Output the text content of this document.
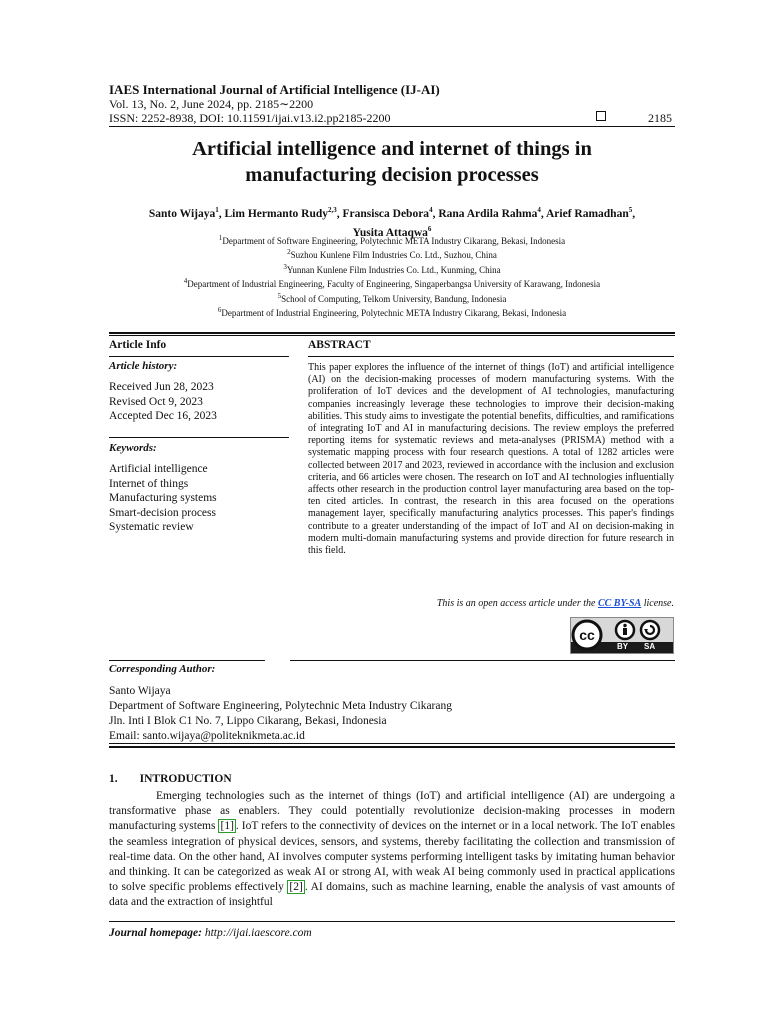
IAES International Journal of Artificial Intelligence (IJ-AI)
Vol. 13, No. 2, June 2024, pp. 2185∼2200
ISSN: 2252-8938, DOI: 10.11591/ijai.v13.i2.pp2185-2200	2185
Artificial intelligence and internet of things in
manufacturing decision processes
Santo Wijaya$^1$, Lim Hermanto Rudy$^{2,3}$, Fransisca Debora$^4$, Rana Ardila Rahma$^4$, Arief Ramadhan$^5$,
Yusita Attaqwa$^6$
$^1$Department of Software Engineering, Polytechnic META Industry Cikarang, Bekasi, Indonesia
$^2$Suzhou Kunlene Film Industries Co. Ltd., Suzhou, China
$^3$Yunnan Kunlene Film Industries Co. Ltd., Kunming, China
$^4$Department of Industrial Engineering, Faculty of Engineering, Singaperbangsa University of Karawang, Indonesia
$^5$School of Computing, Telkom University, Bandung, Indonesia
$^6$Department of Industrial Engineering, Polytechnic META Industry Cikarang, Bekasi, Indonesia
Article Info
Article history:
Received Jun 28, 2023
Revised Oct 9, 2023
Accepted Dec 16, 2023
Keywords:
Artificial intelligence
Internet of things
Manufacturing systems
Smart-decision process
Systematic review
ABSTRACT
This paper explores the influence of the internet of things (IoT) and artificial intelligence (AI) on the decision-making processes of modern manufacturing systems. With the proliferation of IoT devices and the development of AI technologies, manufacturing companies increasingly leverage these technologies to improve their decision-making abilities. This study aims to investigate the potential benefits, difficulties, and ramifications of integrating IoT and AI in manufacturing decisions. The review employs the preferred reporting items for systematic reviews and meta-analyses (PRISMA) method with a systematic mapping process with four research questions. A total of 1282 articles were collected between 2017 and 2023, reviewed in accordance with the inclusion and exclusion criteria, and 66 articles were chosen. The research on IoT and AI technologies influentially affects other research in the production control layer manufacturing area based on the top-ten cited articles. In contrast, the research in this area focused on the operations management layer, specifically manufacturing analytics processes. This paper's findings contribute to a greater understanding of the impact of IoT and AI on decision-making in modern multi-domain manufacturing systems and provide direction for future research in this field.
This is an open access article under the CC BY-SA license.
cc
BY SA
Corresponding Author:
Santo Wijaya
Department of Software Engineering, Polytechnic Meta Industry Cikarang
Jln. Inti I Blok C1 No. 7, Lippo Cikarang, Bekasi, Indonesia
Email: santo.wijaya@politeknikmeta.ac.id
1. INTRODUCTION
Emerging technologies such as the internet of things (IoT) and artificial intelligence (AI) are undergoing a transformative phase as enablers. They could potentially revolutionize decision-making processes in modern manufacturing systems [1] . IoT refers to the connectivity of devices on the internet or in a local network. The IoT enables the seamless integration of physical devices, sensors, and systems, thereby facilitating the collection and transmission of real-time data. On the other hand, AI involves computer systems performing intelligent tasks by imitating human behavior and thinking. It can be categorized as weak AI or strong AI, with weak AI being commonly used in practical applications to solve specific problems effectively [2] . AI domains, such as machine learning, enable the analysis of vast amounts of data and the extraction of insightful
Journal homepage: http://ijai.iaescore.com
